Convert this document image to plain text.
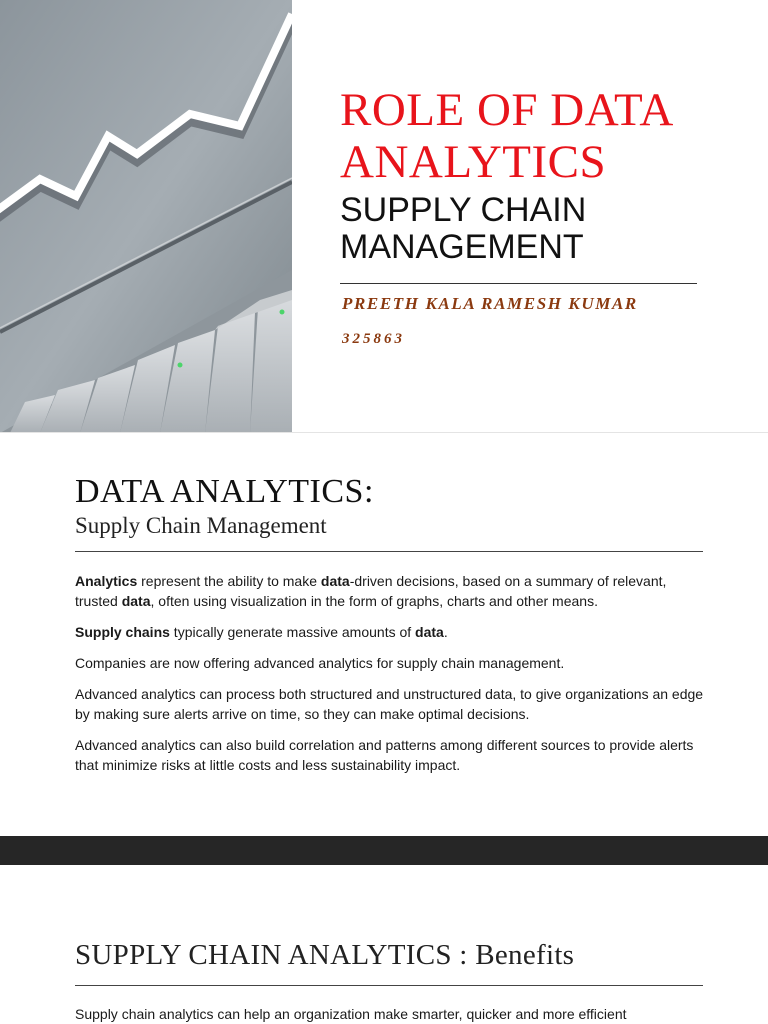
ROLE OF DATA ANALYTICS
SUPPLY CHAIN MANAGEMENT
PREETH KALA RAMESH KUMAR
325863
DATA ANALYTICS:
Supply Chain Management

Analytics represent the ability to make data-driven decisions, based on a summary of relevant, trusted data, often using visualization in the form of graphs, charts and other means.

Supply chains typically generate massive amounts of data.

Companies are now offering advanced analytics for supply chain management.

Advanced analytics can process both structured and unstructured data, to give organizations an edge by making sure alerts arrive on time, so they can make optimal decisions.

Advanced analytics can also build correlation and patterns among different sources to provide alerts that minimize risks at little costs and less sustainability impact.

SUPPLY CHAIN ANALYTICS : Benefits
Supply chain analytics can help an organization make smarter, quicker and more efficient
